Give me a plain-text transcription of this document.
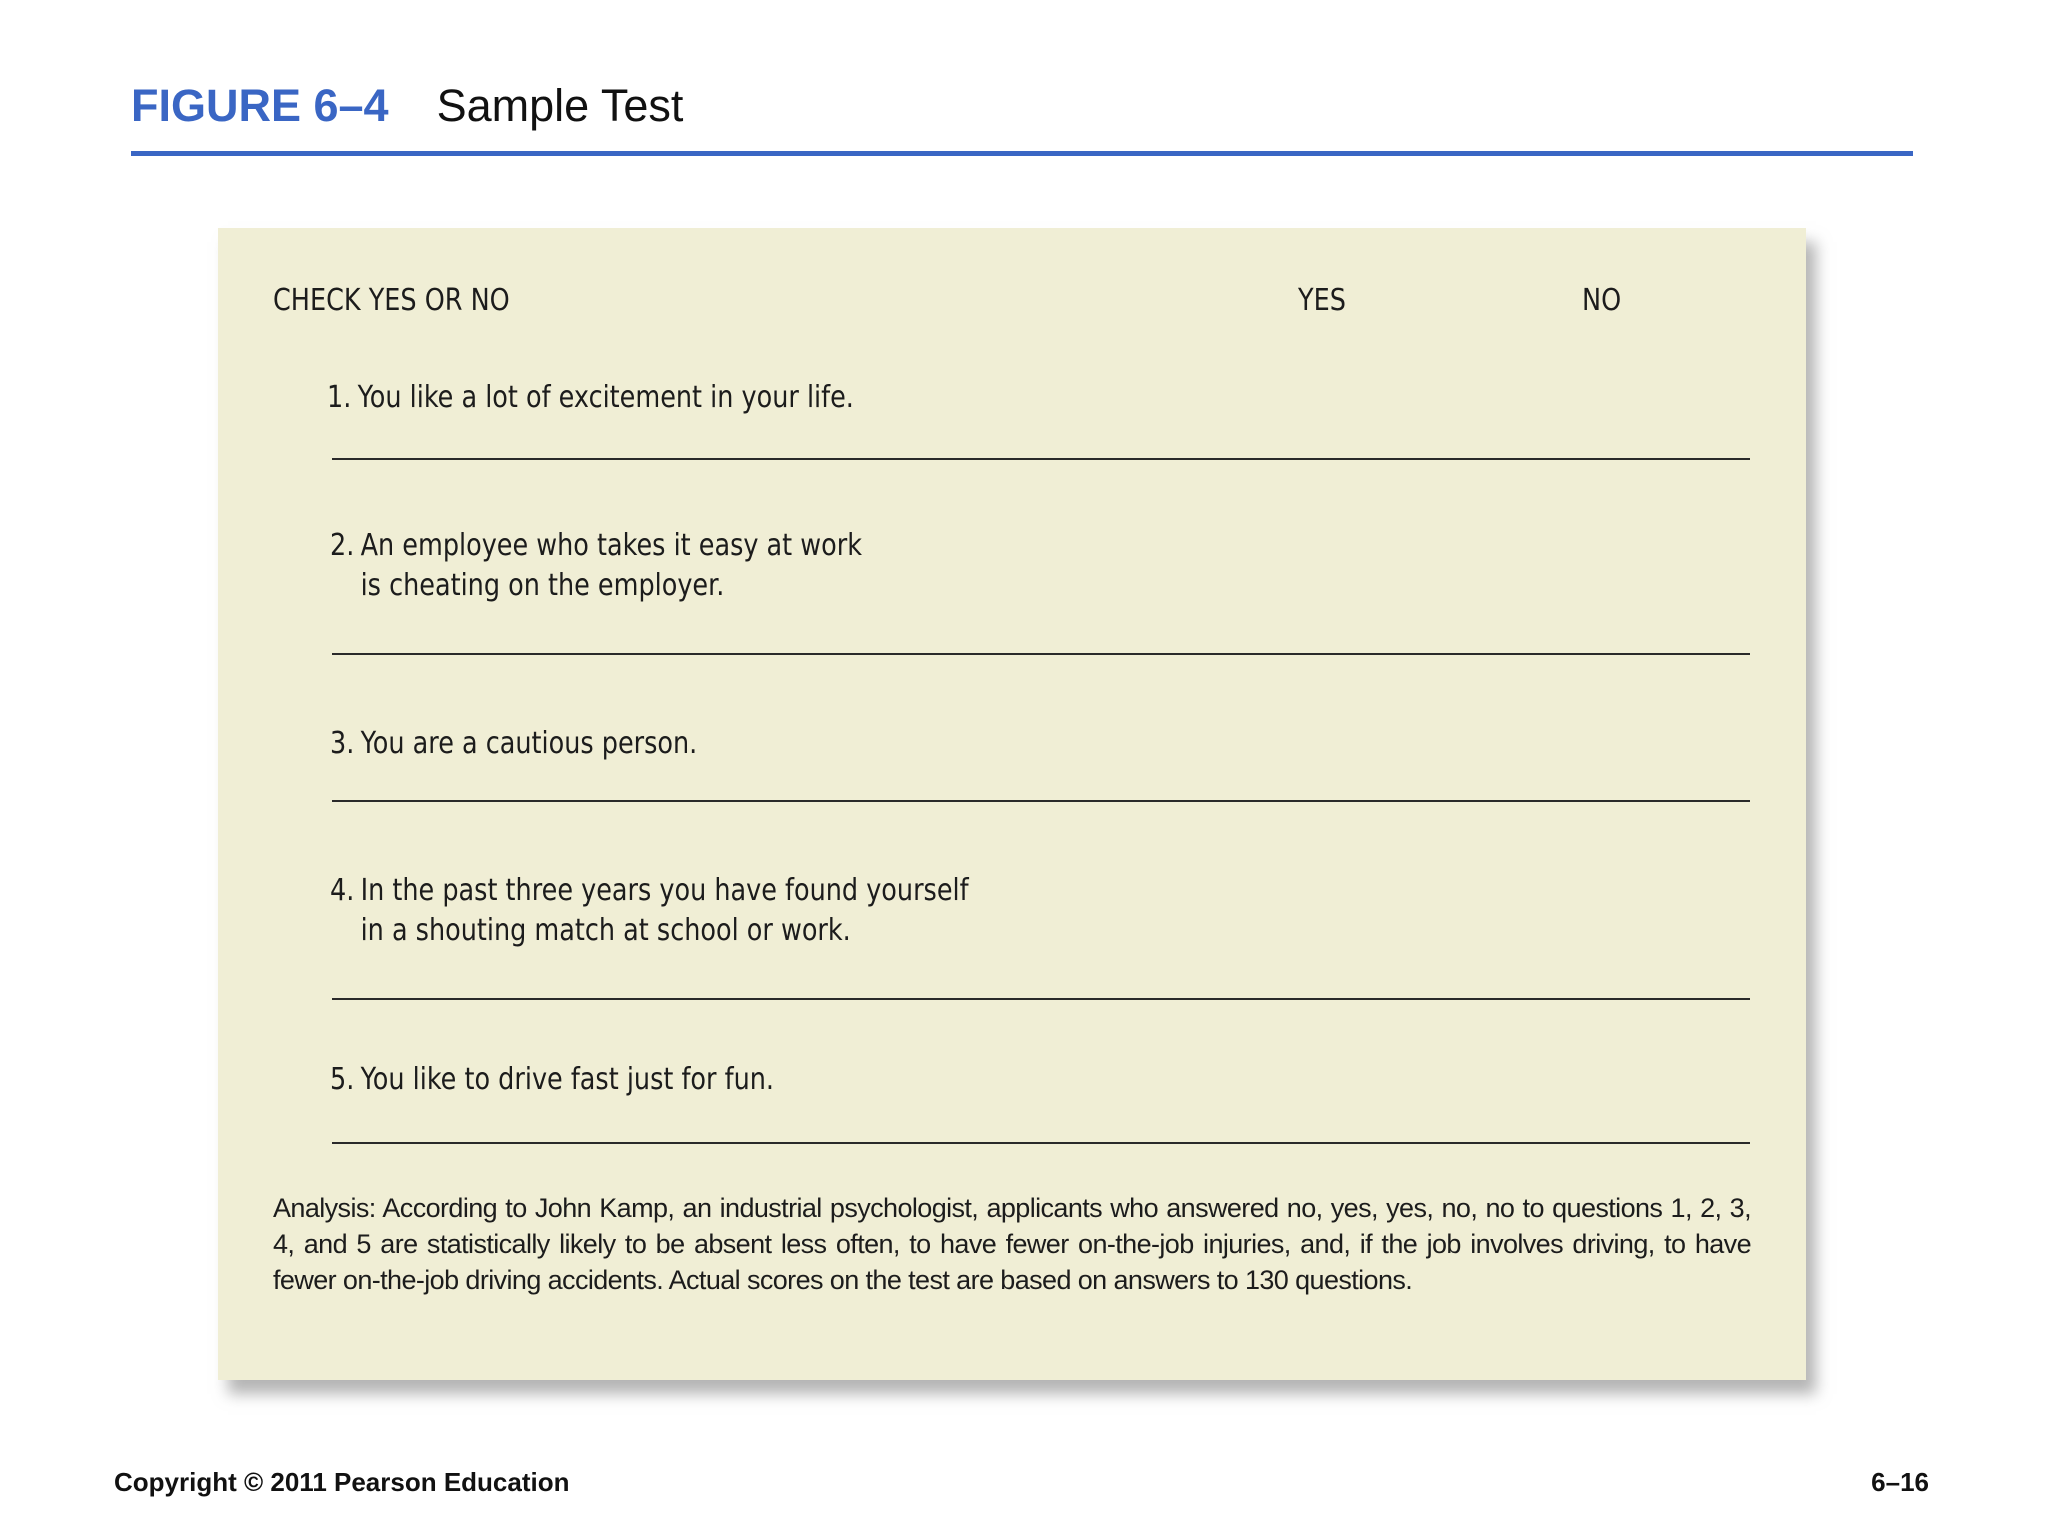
FIGURE 6–4 Sample Test
CHECK YES OR NO	YES	NO
1. You like a lot of excitement in your life.
2. An employee who takes it easy at work
is cheating on the employer.
3. You are a cautious person.
4. In the past three years you have found yourself
in a shouting match at school or work.
5. You like to drive fast just for fun.
Analysis: According to John Kamp, an industrial psychologist, applicants who answered no, yes, yes, no, no to questions 1, 2, 3, 4, and 5 are statistically likely to be absent less often, to have fewer on-the-job injuries, and, if the job involves driving, to have fewer on-the-job driving accidents. Actual scores on the test are based on answers to 130 questions.
Copyright © 2011 Pearson Education	6–16
